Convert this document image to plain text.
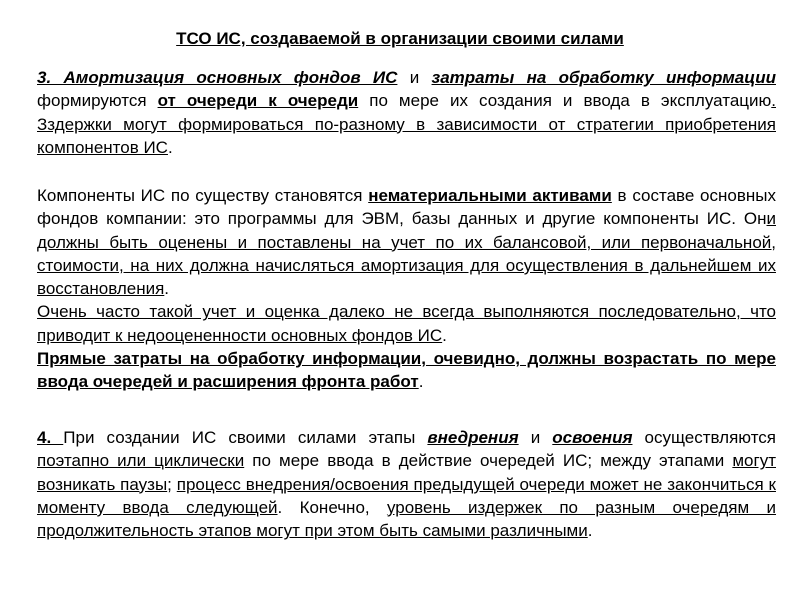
ТСО ИС, создаваемой в организации своими силами
3. Амортизация основных фондов ИС и затраты на обработку информации формируются от очереди к очереди по мере их создания и ввода в эксплуатацию. Зздержки могут формироваться по-разному в зависимости от стратегии приобретения компонентов ИС.
Компоненты ИС по существу становятся нематериальными активами в составе основных фондов компании: это программы для ЭВМ, базы данных и другие компоненты ИС. Они должны быть оценены и поставлены на учет по их балансовой, или первоначальной, стоимости, на них должна начисляться амортизация для осуществления в дальнейшем их восстановления.
Очень часто такой учет и оценка далеко не всегда выполняются последовательно, что приводит к недооцененности основных фондов ИС.
Прямые затраты на обработку информации, очевидно, должны возрастать по мере ввода очередей и расширения фронта работ.
4. При создании ИС своими силами этапы внедрения и освоения осуществляются поэтапно или циклически по мере ввода в действие очередей ИС; между этапами могут возникать паузы; процесс внедрения/освоения предыдущей очереди может не закончиться к моменту ввода следующей. Конечно, уровень издержек по разным очередям и продолжительность этапов могут при этом быть самыми различными.
